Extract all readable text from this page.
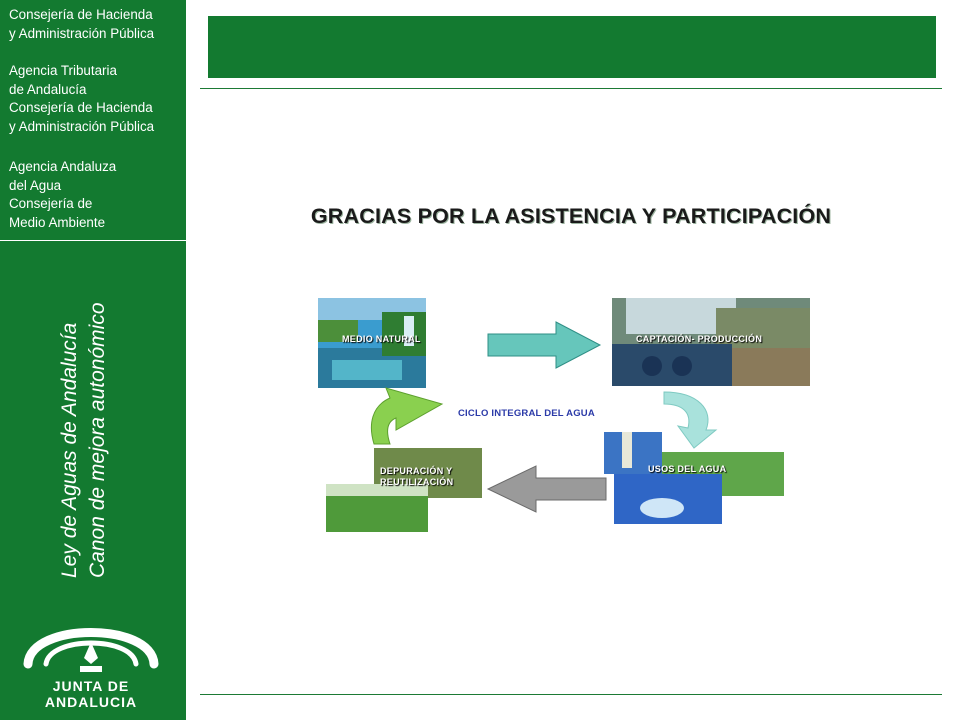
Consejería de Hacienda
y Administración Pública
Agencia Tributaria
de Andalucía
Consejería de Hacienda
y Administración Pública
Agencia Andaluza
del Agua
Consejería de
Medio Ambiente
Ley de Aguas de Andalucía Canon de mejora autonómico
JUNTA DE ANDALUCIA
GRACIAS POR LA ASISTENCIA Y PARTICIPACIÓN
MEDIO NATURAL	CAPTACIÓN- PRODUCCIÓN
USOS DEL AGUA
DEPURACIÓN Y REUTILIZACIÓN
CICLO INTEGRAL DEL AGUA
